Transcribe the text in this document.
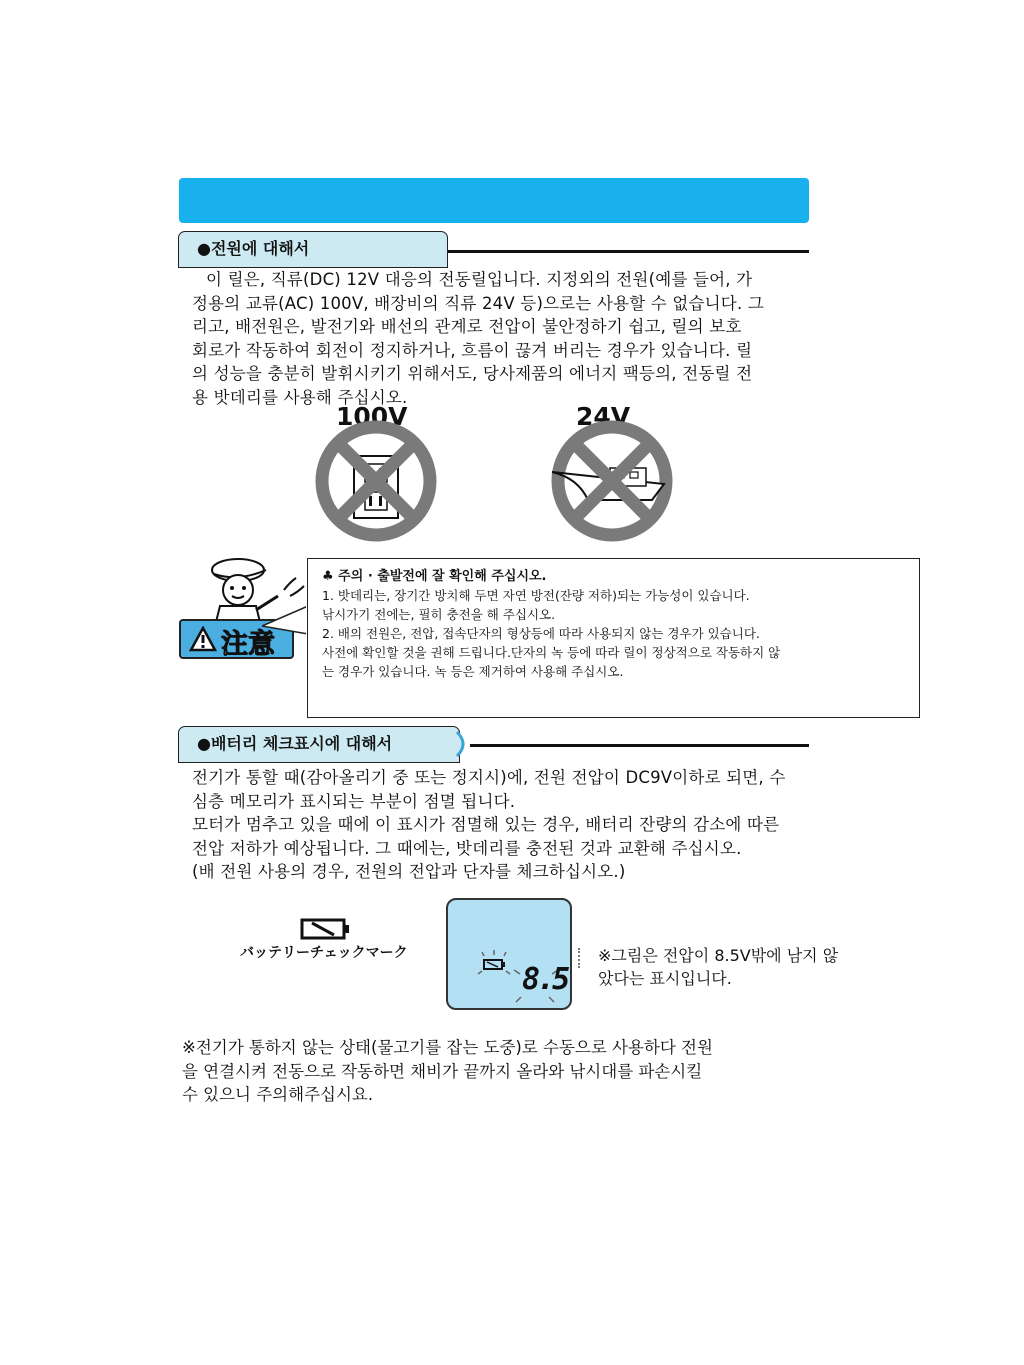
●전원에 대해서

이 릴은, 직류(DC) 12V 대응의 전동릴입니다. 지정외의 전원(예를 들어, 가

정용의 교류(AC) 100V, 배장비의 직류 24V 등)으로는 사용할 수 없습니다. 그

리고, 배전원은, 발전기와 배선의 관계로 전압이 불안정하기 쉽고, 릴의 보호

회로가 작동하여 회전이 정지하거나, 흐름이 끊겨 버리는 경우가 있습니다. 릴

의 성능을 충분히 발휘시키기 위해서도, 당사제품의 에너지 팩등의, 전동릴 전

용 밧데리를 사용해 주십시오.

100V	24V
注意

♣ 주의 · 출발전에 잘 확인해 주십시오.

1. 밧데리는, 장기간 방치해 두면 자연 방전(잔량 저하)되는 가능성이 있습니다.

낚시가기 전에는, 필히 충전을 해 주십시오.

2. 배의 전원은, 전압, 접속단자의 형상등에 따라 사용되지 않는 경우가 있습니다.

사전에 확인할 것을 권해 드립니다.단자의 녹 등에 따라 릴이 정상적으로 작동하지 않

는 경우가 있습니다. 녹 등은 제거하여 사용해 주십시오.

●배터리 체크표시에 대해서

전기가 통할 때(감아올리기 중 또는 정지시)에, 전원 전압이 DC9V이하로 되면, 수

심층 메모리가 표시되는 부분이 점멸 됩니다.

모터가 멈추고 있을 때에 이 표시가 점멸해 있는 경우, 배터리 잔량의 감소에 따른

전압 저하가 예상됩니다. 그 때에는, 밧데리를 충전된 것과 교환해 주십시오.

(배 전원 사용의 경우, 전원의 전압과 단자를 체크하십시오.)

バッテリーチェックマーク
8.5
※그림은 전압이 8.5V밖에 남지 않
았다는 표시입니다.

※전기가 통하지 않는 상태(물고기를 잡는 도중)로 수동으로 사용하다 전원

을 연결시켜 전동으로 작동하면 채비가 끝까지 올라와 낚시대를 파손시킬

수 있으니 주의해주십시요.
